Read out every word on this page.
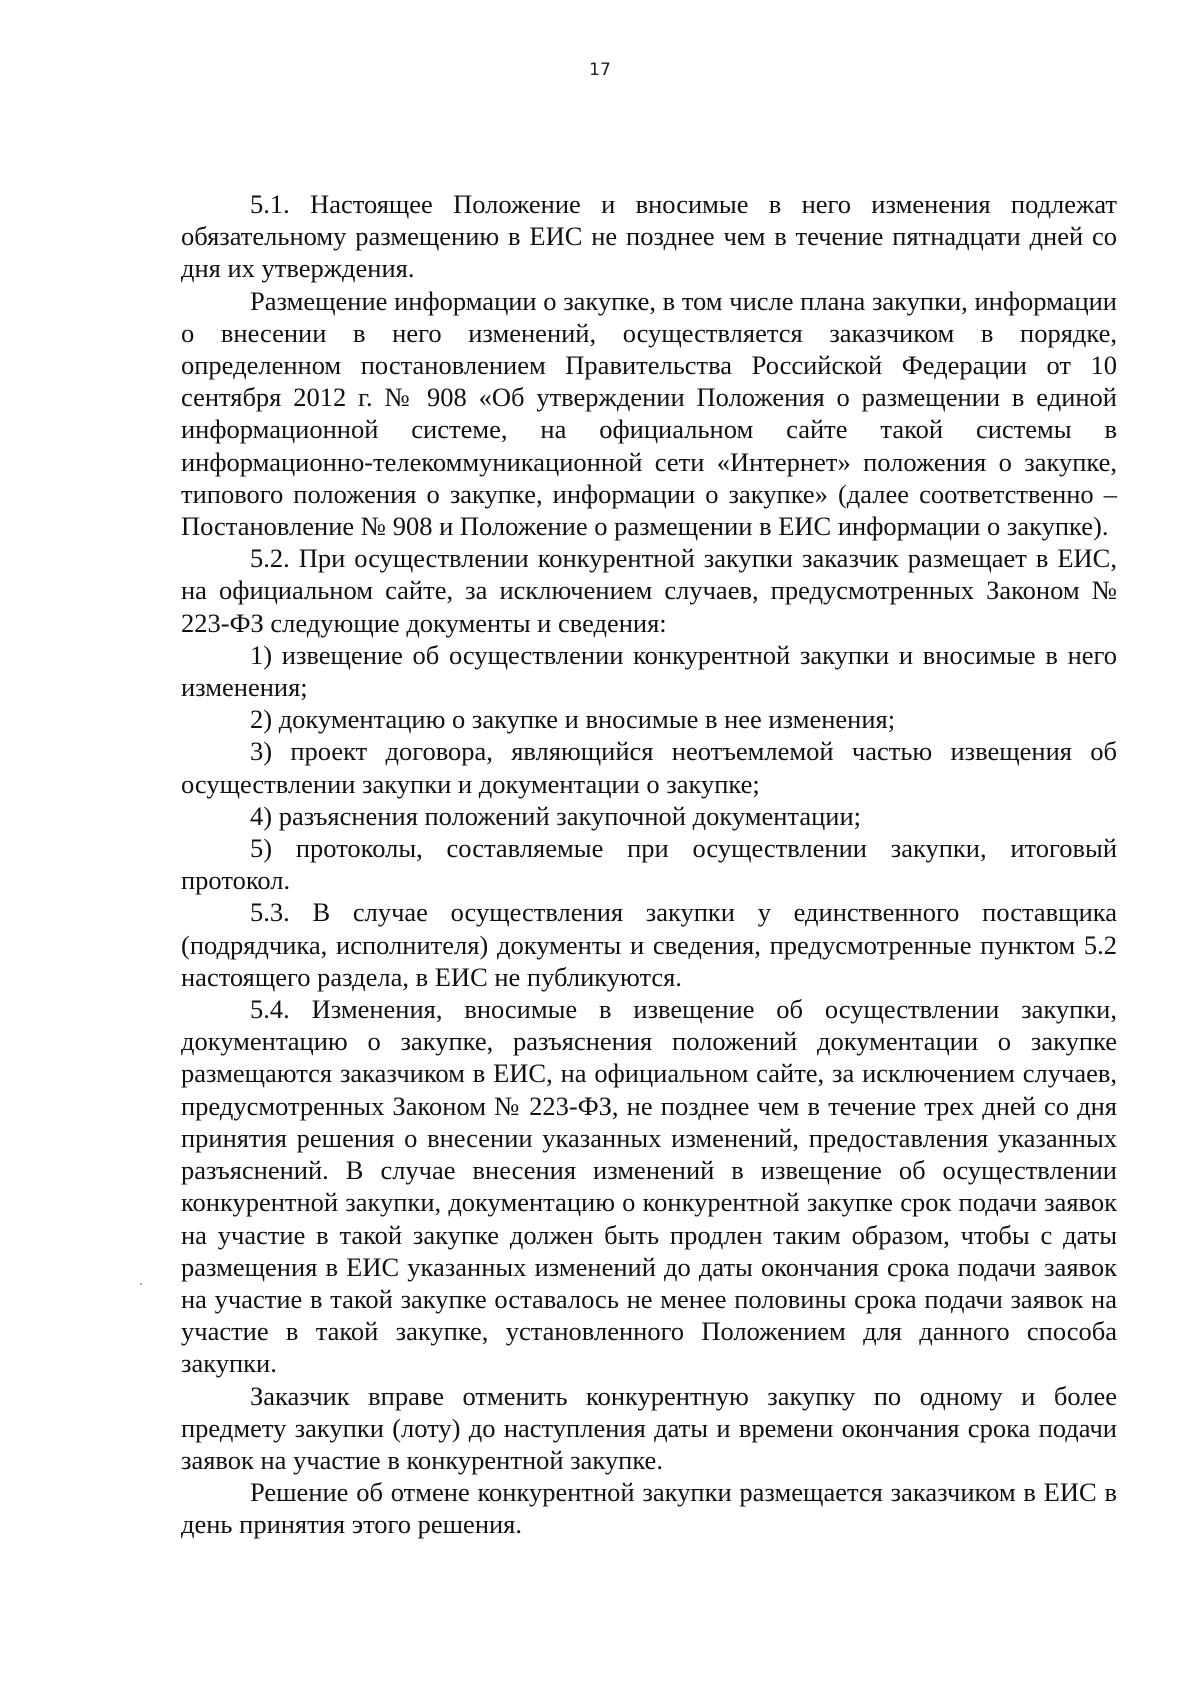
17

5.1. Настоящее Положение и вносимые в него изменения подлежат обязательному размещению в ЕИС не позднее чем в течение пятнадцати дней со дня их утверждения.

Размещение информации о закупке, в том числе плана закупки, информации о внесении в него изменений, осуществляется заказчиком в порядке, определенном постановлением Правительства Российской Федерации от 10 сентября 2012 г. № 908 «Об утверждении Положения о размещении в единой информационной системе, на официальном сайте такой системы в информационно-телекоммуникационной сети «Интернет» положения о закупке, типового положения о закупке, информации о закупке» (далее соответственно – Постановление № 908 и Положение о размещении в ЕИС информации о закупке).

5.2. При осуществлении конкурентной закупки заказчик размещает в ЕИС, на официальном сайте, за исключением случаев, предусмотренных Законом № 223-ФЗ следующие документы и сведения:

1) извещение об осуществлении конкурентной закупки и вносимые в него изменения;

2) документацию о закупке и вносимые в нее изменения;

3) проект договора, являющийся неотъемлемой частью извещения об осуществлении закупки и документации о закупке;

4) разъяснения положений закупочной документации;

5) протоколы, составляемые при осуществлении закупки, итоговый протокол.

5.3. В случае осуществления закупки у единственного поставщика (подрядчика, исполнителя) документы и сведения, предусмотренные пунктом 5.2 настоящего раздела, в ЕИС не публикуются.

5.4. Изменения, вносимые в извещение об осуществлении закупки, документацию о закупке, разъяснения положений документации о закупке размещаются заказчиком в ЕИС, на официальном сайте, за исключением случаев, предусмотренных Законом № 223-ФЗ, не позднее чем в течение трех дней со дня принятия решения о внесении указанных изменений, предоставления указанных разъяснений. В случае внесения изменений в извещение об осуществлении конкурентной закупки, документацию о конкурентной закупке срок подачи заявок на участие в такой закупке должен быть продлен таким образом, чтобы с даты размещения в ЕИС указанных изменений до даты окончания срока подачи заявок на участие в такой закупке оставалось не менее половины срока подачи заявок на участие в такой закупке, установленного Положением для данного способа закупки.

Заказчик вправе отменить конкурентную закупку по одному и более предмету закупки (лоту) до наступления даты и времени окончания срока подачи заявок на участие в конкурентной закупке.

Решение об отмене конкурентной закупки размещается заказчиком в ЕИС в день принятия этого решения.
